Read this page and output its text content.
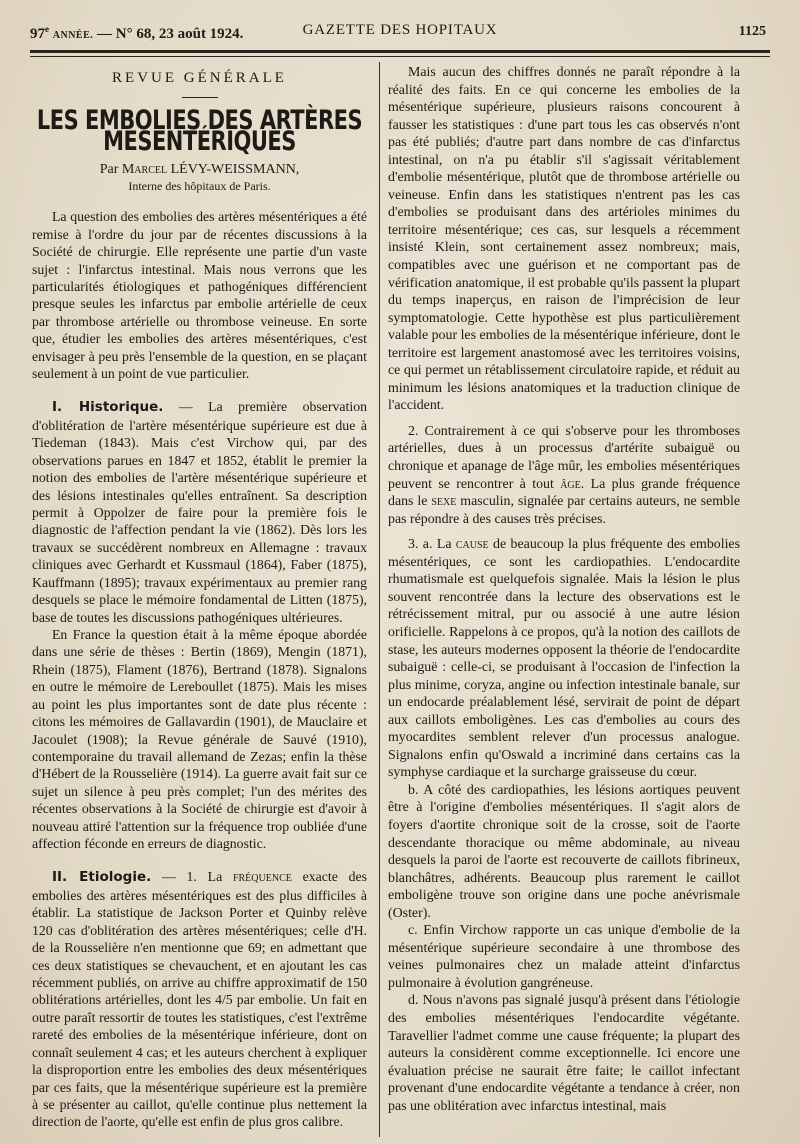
97e ANNÉE. — N° 68, 23 août 1924.	GAZETTE DES HOPITAUX	1125
REVUE GÉNÉRALE
LES EMBOLIES DES ARTÈRES MÉSENTÉRIQUES
Par Marcel LÉVY-WEISSMANN,
Interne des hôpitaux de Paris.

La question des embolies des artères mésentériques a été remise à l'ordre du jour par de récentes discussions à la Société de chirurgie. Elle représente une partie d'un vaste sujet : l'infarctus intestinal. Mais nous verrons que les particularités étiologiques et pathogéniques différencient presque seules les infarctus par embolie artérielle de ceux par thrombose artérielle ou thrombose veineuse. En sorte que, étudier les embolies des artères mésentériques, c'est envisager à peu près l'ensemble de la question, en se plaçant seulement à un point de vue particulier.

I. Historique. — La première observation d'oblitération de l'artère mésentérique supérieure est due à Tiedeman (1843). Mais c'est Virchow qui, par des observations parues en 1847 et 1852, établit le premier la notion des embolies de l'artère mésentérique supérieure et des lésions intestinales qu'elles entraînent. Sa description permit à Oppolzer de faire pour la première fois le diagnostic de l'affection pendant la vie (1862). Dès lors les travaux se succédèrent nombreux en Allemagne : travaux cliniques avec Gerhardt et Kussmaul (1864), Faber (1875), Kauffmann (1895); travaux expérimentaux au premier rang desquels se place le mémoire fondamental de Litten (1875), base de toutes les discussions pathogéniques ultérieures.

En France la question était à la même époque abordée dans une série de thèses : Bertin (1869), Mengin (1871), Rhein (1875), Flament (1876), Bertrand (1878). Signalons en outre le mémoire de Lereboullet (1875). Mais les mises au point les plus importantes sont de date plus récente : citons les mémoires de Gallavardin (1901), de Mauclaire et Jacoulet (1908); la Revue générale de Sauvé (1910), contemporaine du travail allemand de Zezas; enfin la thèse d'Hébert de la Rousselière (1914). La guerre avait fait sur ce sujet un silence à peu près complet; l'un des mérites des récentes observations à la Société de chirurgie est d'avoir à nouveau attiré l'attention sur la fréquence trop oubliée d'une affection féconde en erreurs de diagnostic.

II. Etiologie. — 1. La fréquence exacte des embolies des artères mésentériques est des plus difficiles à établir. La statistique de Jackson Porter et Quinby relève 120 cas d'oblitération des artères mésentériques; celle d'H. de la Rousselière n'en mentionne que 69; en admettant que ces deux statistiques se chevauchent, et en ajoutant les cas récemment publiés, on arrive au chiffre approximatif de 150 oblitérations artérielles, dont les 4/5 par embolie. Un fait en outre paraît ressortir de toutes les statistiques, c'est l'extrême rareté des embolies de la mésentérique inférieure, dont on connaît seulement 4 cas; et les auteurs cherchent à expliquer la disproportion entre les embolies des deux mésentériques par ces faits, que la mésentérique supérieure est la première à se présenter au caillot, qu'elle continue plus nettement la direction de l'aorte, qu'elle est enfin de plus gros calibre.

Mais aucun des chiffres donnés ne paraît répondre à la réalité des faits. En ce qui concerne les embolies de la mésentérique supérieure, plusieurs raisons concourent à fausser les statistiques : d'une part tous les cas observés n'ont pas été publiés; d'autre part dans nombre de cas d'infarctus intestinal, on n'a pu établir s'il s'agissait véritablement d'embolie mésentérique, plutôt que de thrombose artérielle ou veineuse. Enfin dans les statistiques n'entrent pas les cas d'embolies se produisant dans des artérioles minimes du territoire mésentérique; ces cas, sur lesquels a récemment insisté Klein, sont certainement assez nombreux; mais, compatibles avec une guérison et ne comportant pas de vérification anatomique, il est probable qu'ils passent la plupart du temps inaperçus, en raison de l'imprécision de leur symptomatologie. Cette hypothèse est plus particulièrement valable pour les embolies de la mésentérique inférieure, dont le territoire est largement anastomosé avec les territoires voisins, ce qui permet un rétablissement circulatoire rapide, et réduit au minimum les lésions anatomiques et la traduction clinique de l'accident.

2. Contrairement à ce qui s'observe pour les thromboses artérielles, dues à un processus d'artérite subaiguë ou chronique et apanage de l'âge mûr, les embolies mésentériques peuvent se rencontrer à tout âge. La plus grande fréquence dans le sexe masculin, signalée par certains auteurs, ne semble pas répondre à des causes très précises.

3. a. La cause de beaucoup la plus fréquente des embolies mésentériques, ce sont les cardiopathies. L'endocardite rhumatismale est quelquefois signalée. Mais la lésion le plus souvent rencontrée dans la lecture des observations est le rétrécissement mitral, pur ou associé à une autre lésion orificielle. Rappelons à ce propos, qu'à la notion des caillots de stase, les auteurs modernes opposent la théorie de l'endocardite subaiguë : celle-ci, se produisant à l'occasion de l'infection la plus minime, coryza, angine ou infection intestinale banale, sur un endocarde préalablement lésé, servirait de point de départ aux caillots emboligènes. Les cas d'embolies au cours des myocardites semblent relever d'un processus analogue. Signalons enfin qu'Oswald a incriminé dans certains cas la symphyse cardiaque et la surcharge graisseuse du cœur.

b. A côté des cardiopathies, les lésions aortiques peuvent être à l'origine d'embolies mésentériques. Il s'agit alors de foyers d'aortite chronique soit de la crosse, soit de l'aorte descendante thoracique ou même abdominale, au niveau desquels la paroi de l'aorte est recouverte de caillots fibrineux, blanchâtres, adhérents. Beaucoup plus rarement le caillot emboligène trouve son origine dans une poche anévrismale (Oster).

c. Enfin Virchow rapporte un cas unique d'embolie de la mésentérique supérieure secondaire à une thrombose des veines pulmonaires chez un malade atteint d'infarctus pulmonaire à évolution gangréneuse.

d. Nous n'avons pas signalé jusqu'à présent dans l'étiologie des embolies mésentériques l'endocardite végétante. Taravellier l'admet comme une cause fréquente; la plupart des auteurs la considèrent comme exceptionnelle. Ici encore une évaluation précise ne saurait être faite; le caillot infectant provenant d'une endocardite végétante a tendance à créer, non pas une oblitération avec infarctus intestinal, mais
